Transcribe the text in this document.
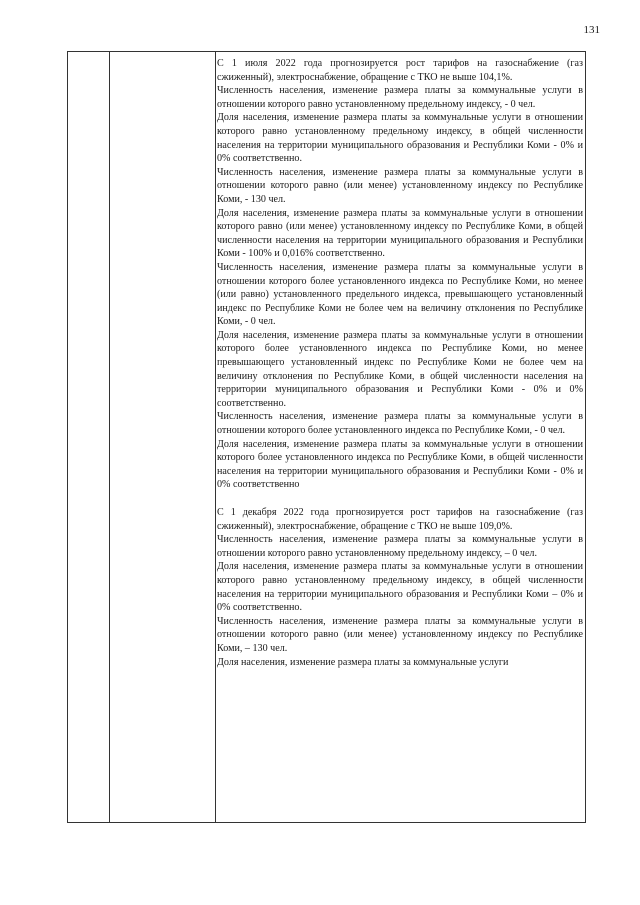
131

С 1 июля 2022 года прогнозируется рост тарифов на газоснабжение (газ сжиженный), электроснабжение, обращение с ТКО не выше 104,1%.

Численность населения, изменение размера платы за коммунальные услуги в отношении которого равно установленному предельному индексу, - 0 чел.

Доля населения, изменение размера платы за коммунальные услуги в отношении которого равно установленному предельному индексу, в общей численности населения на территории муниципального образования и Республики Коми - 0% и 0% соответственно.

Численность населения, изменение размера платы за коммунальные услуги в отношении которого равно (или менее) установленному индексу по Республике Коми, - 130 чел.

Доля населения, изменение размера платы за коммунальные услуги в отношении которого равно (или менее) установленному индексу по Республике Коми, в общей численности населения на территории муниципального образования и Республики Коми - 100% и 0,016% соответственно.

Численность населения, изменение размера платы за коммунальные услуги в отношении которого более установленного индекса по Республике Коми, но менее (или равно) установленного предельного индекса, превышающего установленный индекс по Республике Коми не более чем на величину отклонения по Республике Коми, - 0 чел.

Доля населения, изменение размера платы за коммунальные услуги в отношении которого более установленного индекса по Республике Коми, но менее превышающего установленный индекс по Республике Коми не более чем на величину отклонения по Республике Коми, в общей численности населения на территории муниципального образования и Республики Коми - 0% и 0% соответственно.

Численность населения, изменение размера платы за коммунальные услуги в отношении которого более установленного индекса по Республике Коми, - 0 чел.

Доля населения, изменение размера платы за коммунальные услуги в отношении которого более установленного индекса по Республике Коми, в общей численности населения на территории муниципального образования и Республики Коми - 0% и 0% соответственно

С 1 декабря 2022 года прогнозируется рост тарифов на газоснабжение (газ сжиженный), электроснабжение, обращение с ТКО не выше 109,0%.

Численность населения, изменение размера платы за коммунальные услуги в отношении которого равно установленному предельному индексу, – 0 чел.

Доля населения, изменение размера платы за коммунальные услуги в отношении которого равно установленному предельному индексу, в общей численности населения на территории муниципального образования и Республики Коми – 0% и 0% соответственно.

Численность населения, изменение размера платы за коммунальные услуги в отношении которого равно (или менее) установленному индексу по Республике Коми, – 130 чел.

Доля населения, изменение размера платы за коммунальные услуги
